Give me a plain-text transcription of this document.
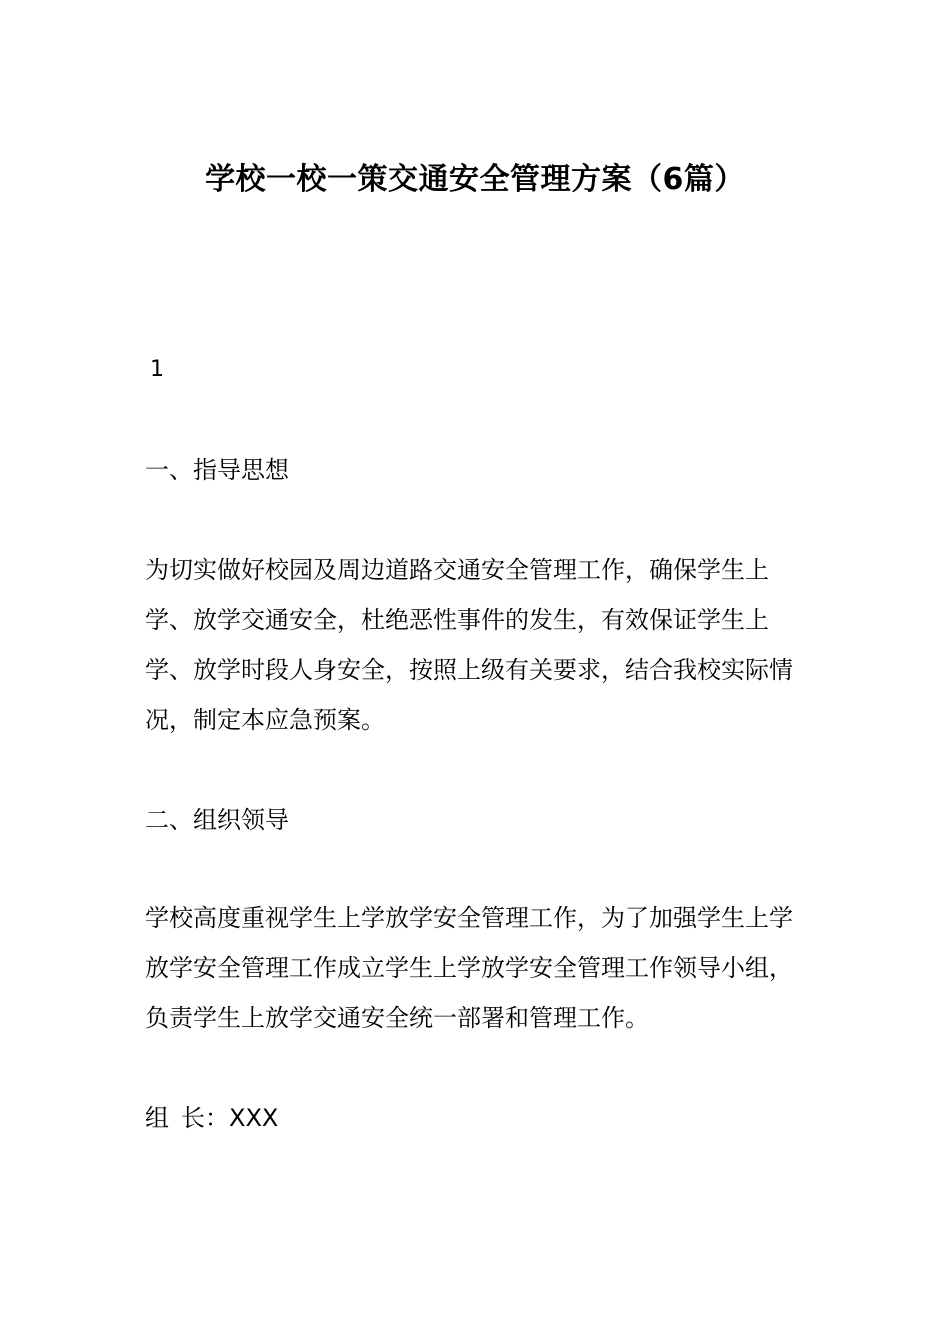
学校一校一策交通安全管理方案（6篇）

1

一、指导思想

为切实做好校园及周边道路交通安全管理工作，确保学生上学、放学交通安全，杜绝恶性事件的发生，有效保证学生上学、放学时段人身安全，按照上级有关要求，结合我校实际情况，制定本应急预案。

二、组织领导

学校高度重视学生上学放学安全管理工作，为了加强学生上学放学安全管理工作成立学生上学放学安全管理工作领导小组，负责学生上放学交通安全统一部署和管理工作。

组 长：XXX
